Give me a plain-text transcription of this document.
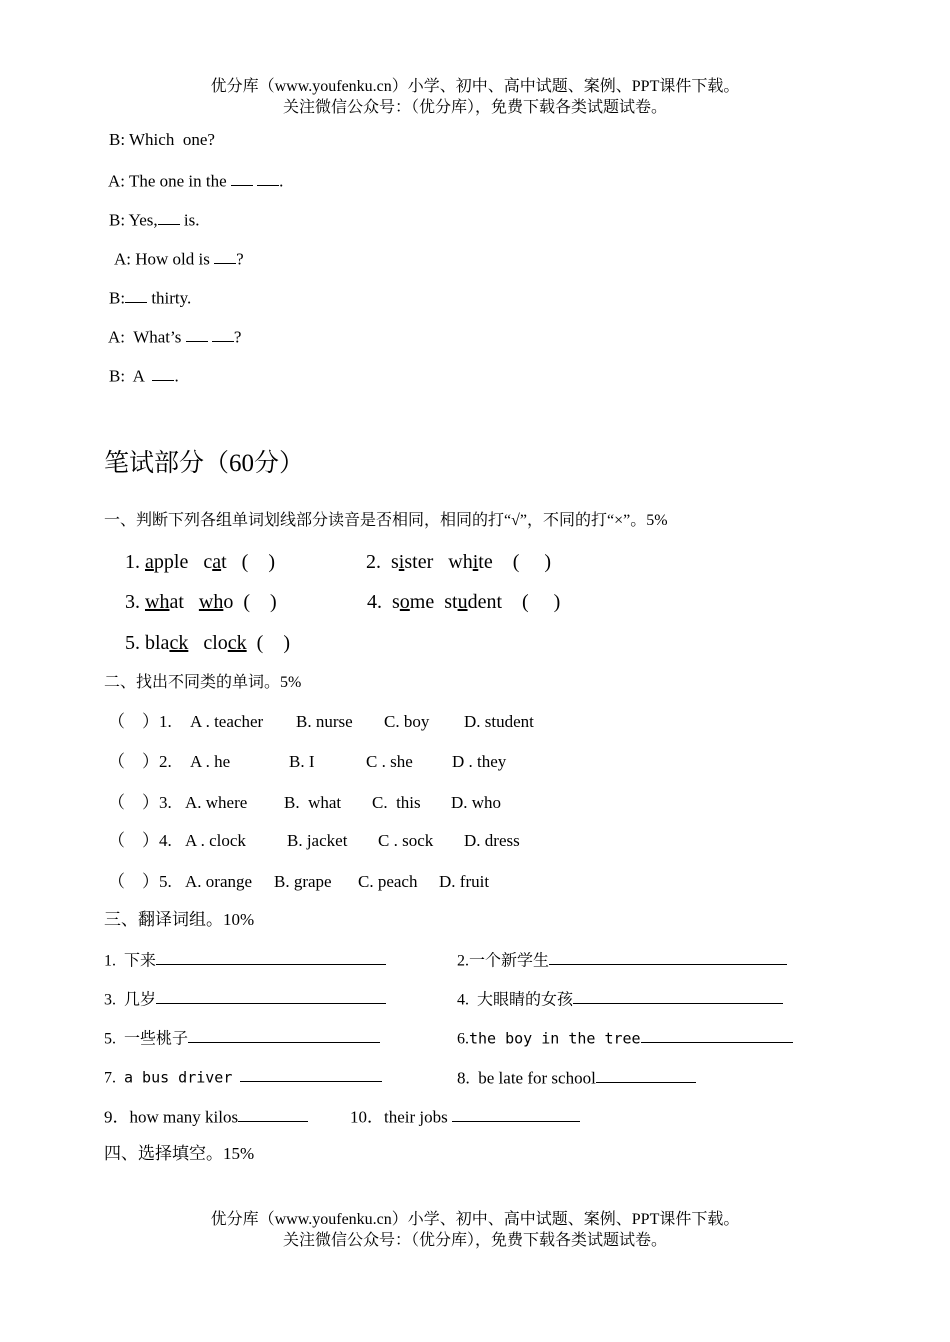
优分库（www.youfenku.cn）小学、初中、高中试题、案例、PPT课件下载。
关注微信公众号：（优分库），免费下载各类试题试卷。
B: Which  one?
A: The one in the	.
B: Yes, is.
A: How old is ?
B: thirty.
A:  What’s	?
B:  A .
笔试部分（60分）
一、判断下列各组单词划线部分读音是否相同，相同的打“√”，不同的打“×”。5%
1. apple cat (    )	2. sister white (     )
3. what who (    )	4. some student (     )
5. black clock (    )
二、找出不同类的单词。5%
（    ）1. A . teacher B. nurse C. boy D. student
（    ）2. A . he	B. I	C . she D . they
（    ）3. A. where B.  what C.  this D. who
（    ）4. A . clock B. jacket C . sock D. dress
（    ）5. A. orange B. grape C. peach D. fruit
三、翻译词组。10%
1. 下来	2.一个新学生
3. 几岁	4. 大眼睛的女孩
5. 一些桃子	6.the boy in the tree
7. a bus driver	8. be late for school
9．how many kilos	10．their jobs
四、选择填空。15%
优分库（www.youfenku.cn）小学、初中、高中试题、案例、PPT课件下载。
关注微信公众号：（优分库），免费下载各类试题试卷。
